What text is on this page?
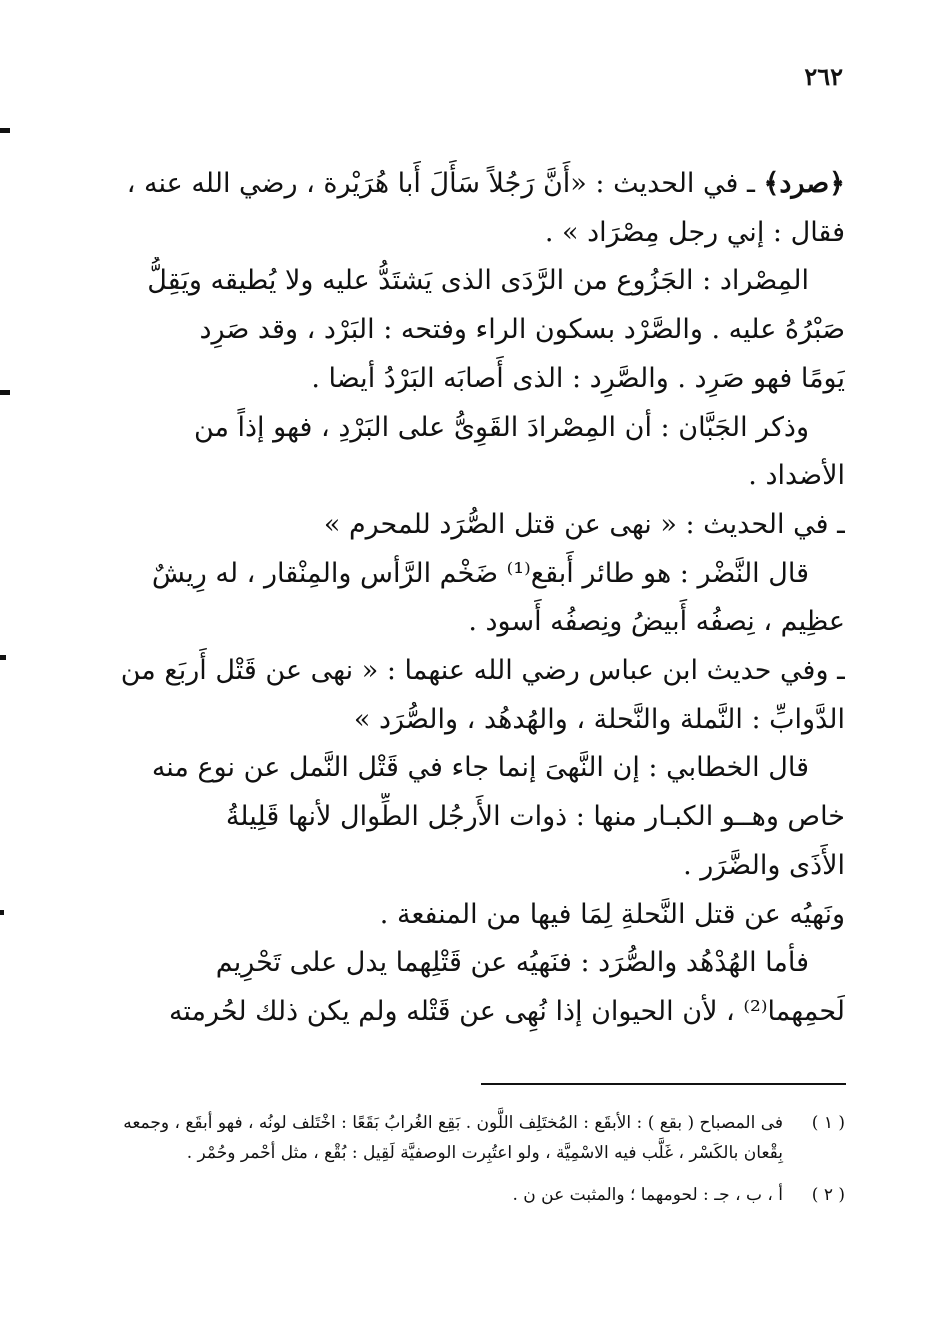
٢٦٢
﴿صرد﴾ ـ في الحديث : «أَنَّ رَجُلاً سَأَلَ أَبا هُرَيْرة ، رضي الله عنه ،
فقال : إني رجل مِصْرَاد » .
المِصْراد : الجَزُوع من الرَّدَى الذى يَشتَدُّ عليه ولا يُطيقه ويَقِلُّ
صَبْرُهُ عليه . والصَّرْد بسكون الراء وفتحه : البَرْد ، وقد صَرِد
يَومًا فهو صَرِد . والصَّرِد : الذى أَصابَه البَرْدُ أيضا .
وذكر الجَبَّان : أن المِصْرادَ القَوِىُّ على البَرْدِ ، فهو إذاً من
الأضداد .
ـ في الحديث : « نهى عن قتل الصُّرَد للمحرم »
قال النَّضْر : هو طائر أَبقع⁽¹⁾ ضَخْم الرَّأس والمِنْقار ، له رِيشٌ
عظِيم ، نِصفُه أَبيضُ ونِصفُه أَسود .
ـ وفي حديث ابن عباس رضي الله عنهما : « نهى عن قَتْل أَربَع من
الدَّوابِّ : النَّملة والنَّحلة ، والهُدهُد ، والصُّرَد »
قال الخطابي : إن النَّهىَ إنما جاء في قَتْل النَّمل عن نوع منه
خاص وهــو الكبـار منها : ذوات الأَرجُل الطِّوال لأنها قَلِيلةُ
الأَذَى والضَّرَر .
ونَهيُه عن قتل النَّحلةِ لِمَا فيها من المنفعة .
فأما الهُدْهُد والصُّرَد : فنَهيُه عن قَتْلِهما يدل على تَحْرِيم
لَحمِهما⁽²⁾ ، لأن الحيوان إذا نُهِى عن قَتْله ولم يكن ذلك لحُرمته
( ١ )
فى المصباح ( بقع ) : الأبقَع : المُختَلِف اللَّون . بَقِع الغُرابُ بَقَعًا : اخْتَلف لونُه ، فهو أبقَع ، وجمعه بِقْعان بالكَسْر ، غَلَّب فيه الاسْمِيَّة ، ولو اعتُبِرت الوصفيَّة لَقِيل : بُقْع ، مثل أحْمر وحُمْر .
( ٢ )
أ ، ب ، جـ : لحومهما ؛ والمثبت عن ن .
